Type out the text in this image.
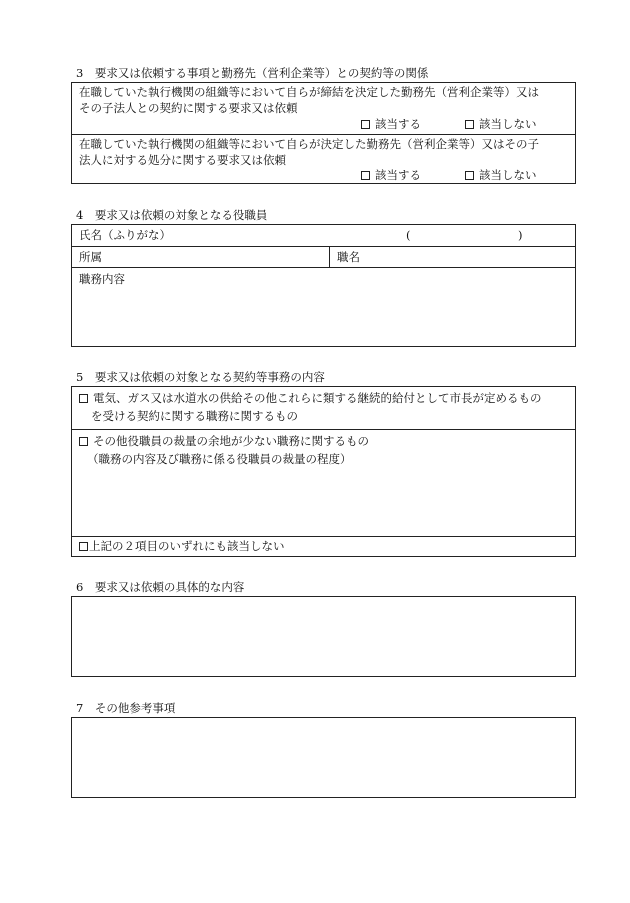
3　要求又は依頼する事項と勤務先（営利企業等）との契約等の関係
在職していた執行機関の組織等において自らが締結を決定した勤務先（営利企業等）又は
その子法人との契約に関する要求又は依頼
該当する	該当しない
在職していた執行機関の組織等において自らが決定した勤務先（営利企業等）又はその子
法人に対する処分に関する要求又は依頼
該当する	該当しない
4　要求又は依頼の対象となる役職員
氏名（ふりがな）	(	)
所属	職名
職務内容
5　要求又は依頼の対象となる契約等事務の内容
電気、ガス又は水道水の供給その他これらに類する継続的給付として市長が定めるもの
を受ける契約に関する職務に関するもの
その他役職員の裁量の余地が少ない職務に関するもの
（職務の内容及び職務に係る役職員の裁量の程度）
上記の２項目のいずれにも該当しない
6　要求又は依頼の具体的な内容
7　その他参考事項
